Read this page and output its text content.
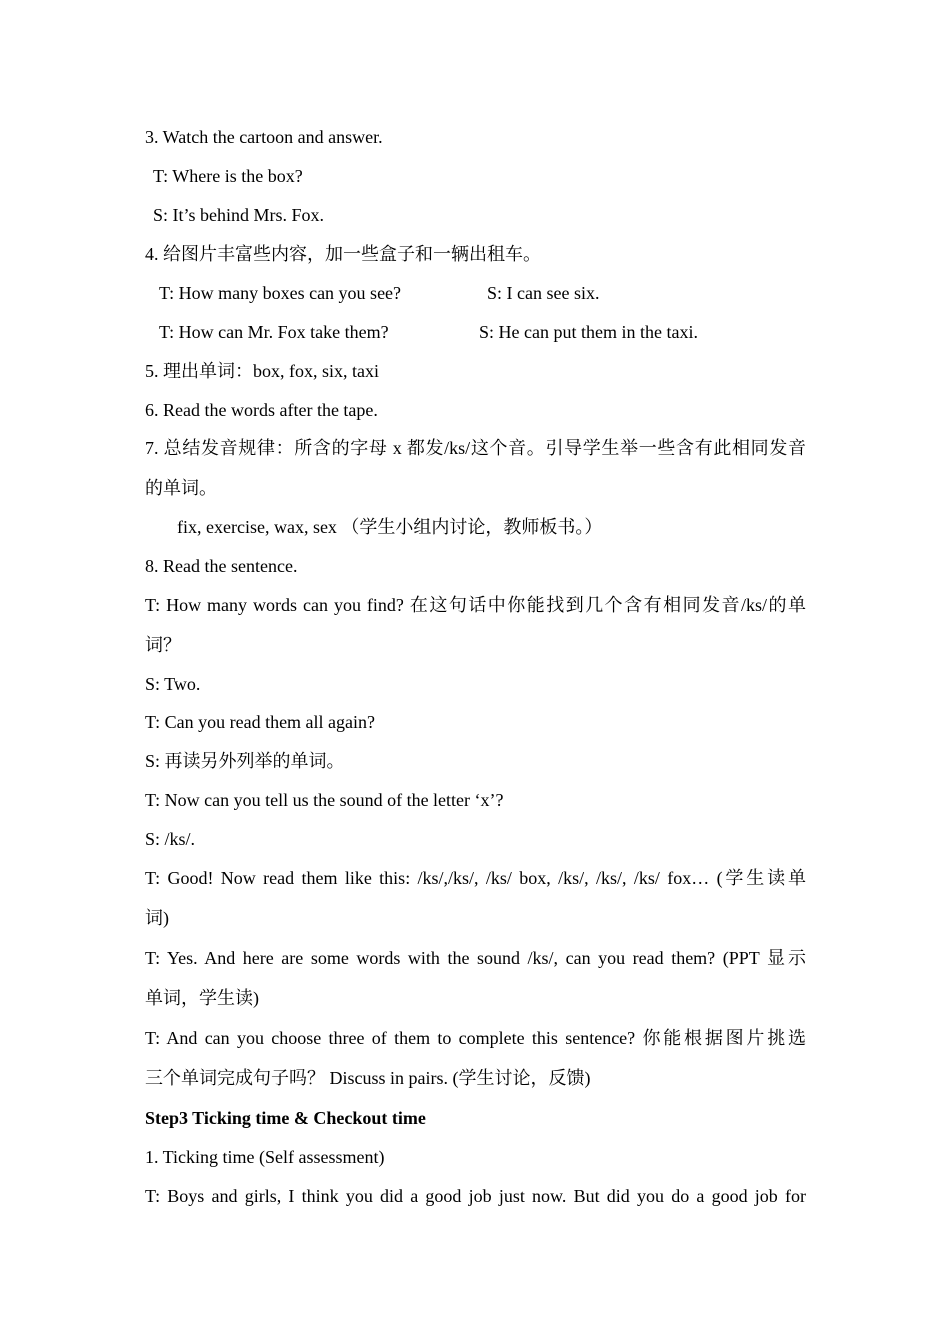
3. Watch the cartoon and answer.
T: Where is the box?
S: It’s behind Mrs. Fox.
4. 给图片丰富些内容，加一些盒子和一辆出租车。
T: How many boxes can you see?	S: I can see six.
T: How can Mr. Fox take them?	S: He can put them in the taxi.
5. 理出单词：box, fox, six, taxi
6. Read the words after the tape.
7. 总结发音规律：所含的字母 x 都发/ks/这个音。引导学生举一些含有此相同发音
的单词。
fix, exercise, wax, sex （学生小组内讨论，教师板书。）
8. Read the sentence.
T: How many words can you find? 在这句话中你能找到几个含有相同发音/ks/的单
词？
S: Two.
T: Can you read them all again?
S: 再读另外列举的单词。
T: Now can you tell us the sound of the letter ‘x’?
S: /ks/.
T: Good! Now read them like this: /ks/,/ks/, /ks/ box, /ks/, /ks/, /ks/ fox… (学生读单
词)
T: Yes. And here are some words with the sound /ks/, can you read them? (PPT 显示
单词，学生读)
T: And can you choose three of them to complete this sentence? 你能根据图片挑选
三个单词完成句子吗？ Discuss in pairs. (学生讨论，反馈)
Step3 Ticking time & Checkout time
1. Ticking time (Self assessment)
T: Boys and girls, I think you did a good job just now. But did you do a good job for
